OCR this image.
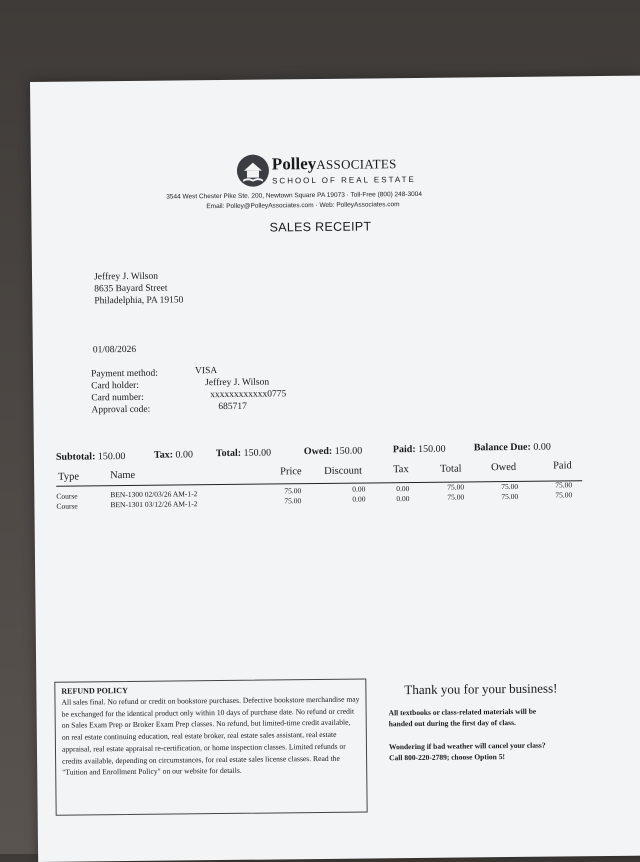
PolleyASSOCIATES
SCHOOL OF REAL ESTATE
3544 West Chester Pike Ste. 200, Newtown Square PA 19073 · Toll-Free (800) 248-3004
Email: Polley@PolleyAssociates.com · Web: PolleyAssociates.com
SALES RECEIPT
Jeffrey J. Wilson
8635 Bayard Street
Philadelphia, PA 19150
01/08/2026
Payment method:	VISA
Card holder:	Jeffrey J. Wilson
Card number:	xxxxxxxxxxxx0775
Approval code:	685717
Subtotal: 150.00	Tax: 0.00 Total: 150.00	Owed: 150.00	Paid: 150.00	Balance Due: 0.00
Type	Name	Price Discount	Tax	Total	Owed	Paid
Course	BEN-1300 02/03/26 AM-1-2	75.00	0.00	0.00	75.00	75.00	75.00
Course	BEN-1301 03/12/26 AM-1-2	75.00	0.00	0.00	75.00	75.00	75.00
REFUND POLICY
All sales final. No refund or credit on bookstore purchases. Defective bookstore merchandise may be exchanged for the identical product only within 10 days of purchase date. No refund or credit on Sales Exam Prep or Broker Exam Prep classes. No refund, but limited-time credit available, on real estate continuing education, real estate broker, real estate sales assistant, real estate appraisal, real estate appraisal re-certification, or home inspection classes. Limited refunds or credits available, depending on circumstances, for real estate sales license classes. Read the "Tuition and Enrollment Policy" on our website for details.
Thank you for your business!
All textbooks or class-related materials will be
handed out during the first day of class.
Wondering if bad weather will cancel your class?
Call 800-220-2789; choose Option 5!
